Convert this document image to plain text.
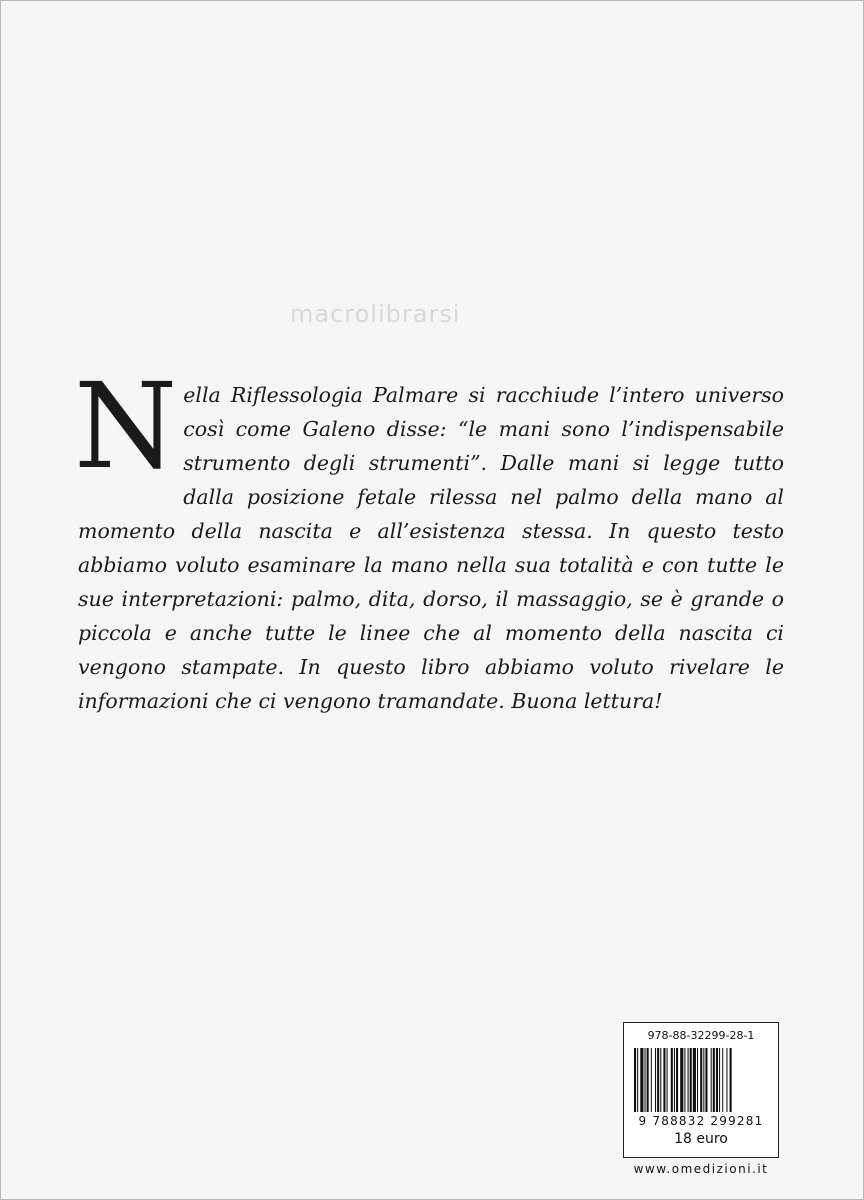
macrolibrarsi
N ella Riflessologia Palmare si racchiude l’intero universo così come Galeno disse: “le mani sono l’indispensabile strumento degli strumenti”. Dalle mani si legge tutto dalla posizione fetale rilessa nel palmo della mano al momento della nascita e all’esistenza stessa. In questo testo abbiamo voluto esaminare la mano nella sua totalità e con tutte le sue interpretazioni: palmo, dita, dorso, il massaggio, se è grande o piccola e anche tutte le linee che al momento della nascita ci vengono stampate. In questo libro abbiamo voluto rivelare le informazioni che ci vengono tramandate. Buona lettura!

978-88-32299-28-1
9 788832 299281
18 euro
www.omedizioni.it
